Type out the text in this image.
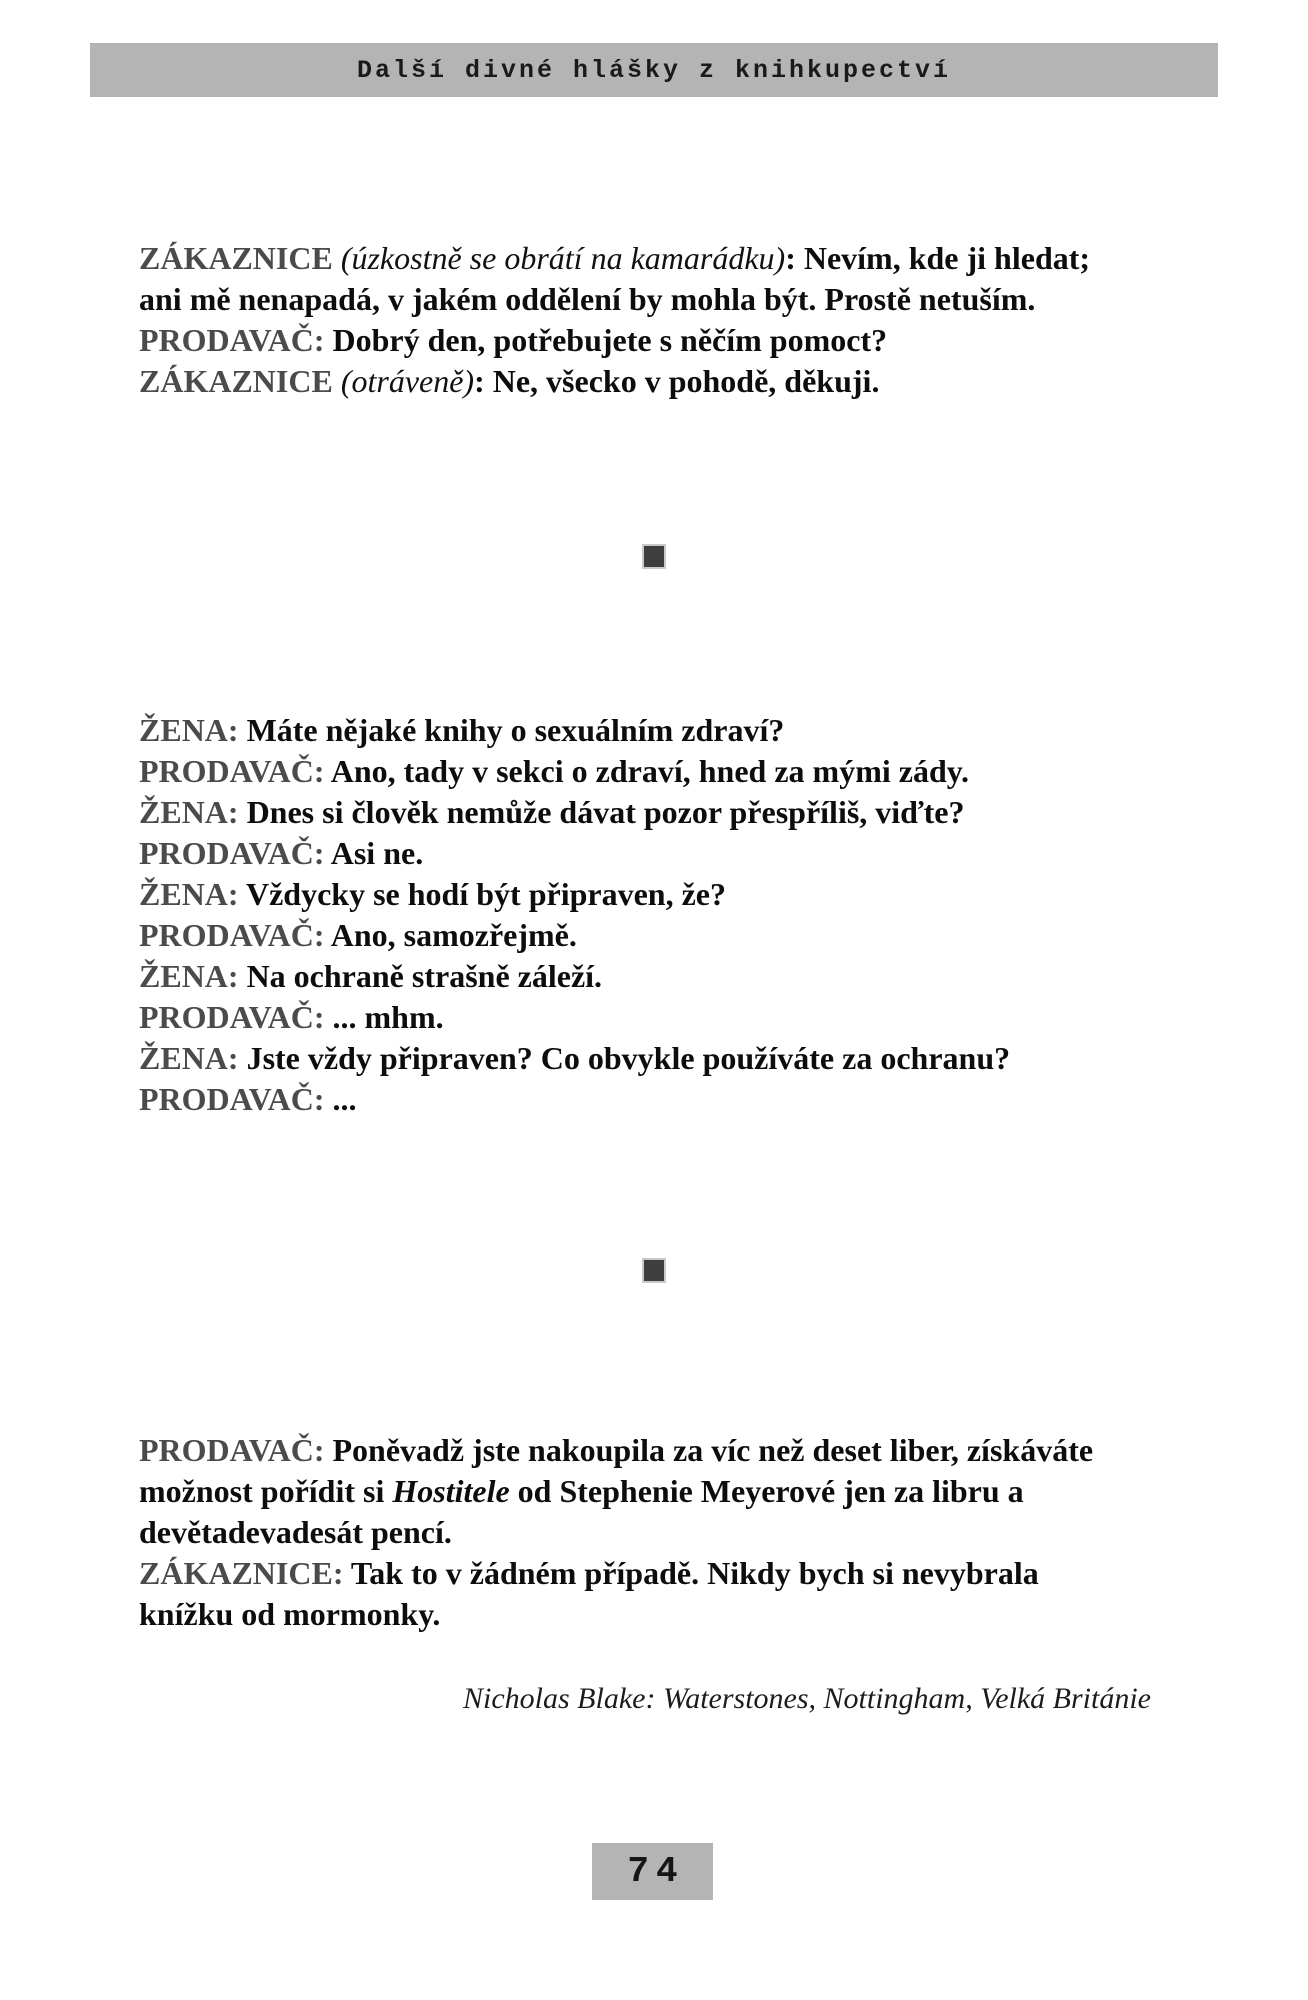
Další divné hlášky z knihkupectví
ZÁKAZNICE (úzkostně se obrátí na kamarádku): Nevím, kde ji hledat;
ani mě nenapadá, v jakém oddělení by mohla být. Prostě netuším.
PRODAVAČ: Dobrý den, potřebujete s něčím pomoct?
ZÁKAZNICE (otráveně): Ne, všecko v pohodě, děkuji.
ŽENA: Máte nějaké knihy o sexuálním zdraví?
PRODAVAČ: Ano, tady v sekci o zdraví, hned za mými zády.
ŽENA: Dnes si člověk nemůže dávat pozor přespříliš, viďte?
PRODAVAČ: Asi ne.
ŽENA: Vždycky se hodí být připraven, že?
PRODAVAČ: Ano, samozřejmě.
ŽENA: Na ochraně strašně záleží.
PRODAVAČ: ... mhm.
ŽENA: Jste vždy připraven? Co obvykle používáte za ochranu?
PRODAVAČ: ...
PRODAVAČ: Poněvadž jste nakoupila za víc než deset liber, získáváte
možnost pořídit si Hostitele od Stephenie Meyerové jen za libru a
devětadevadesát pencí.
ZÁKAZNICE: Tak to v žádném případě. Nikdy bych si nevybrala
knížku od mormonky.
Nicholas Blake: Waterstones, Nottingham, Velká Británie
74
